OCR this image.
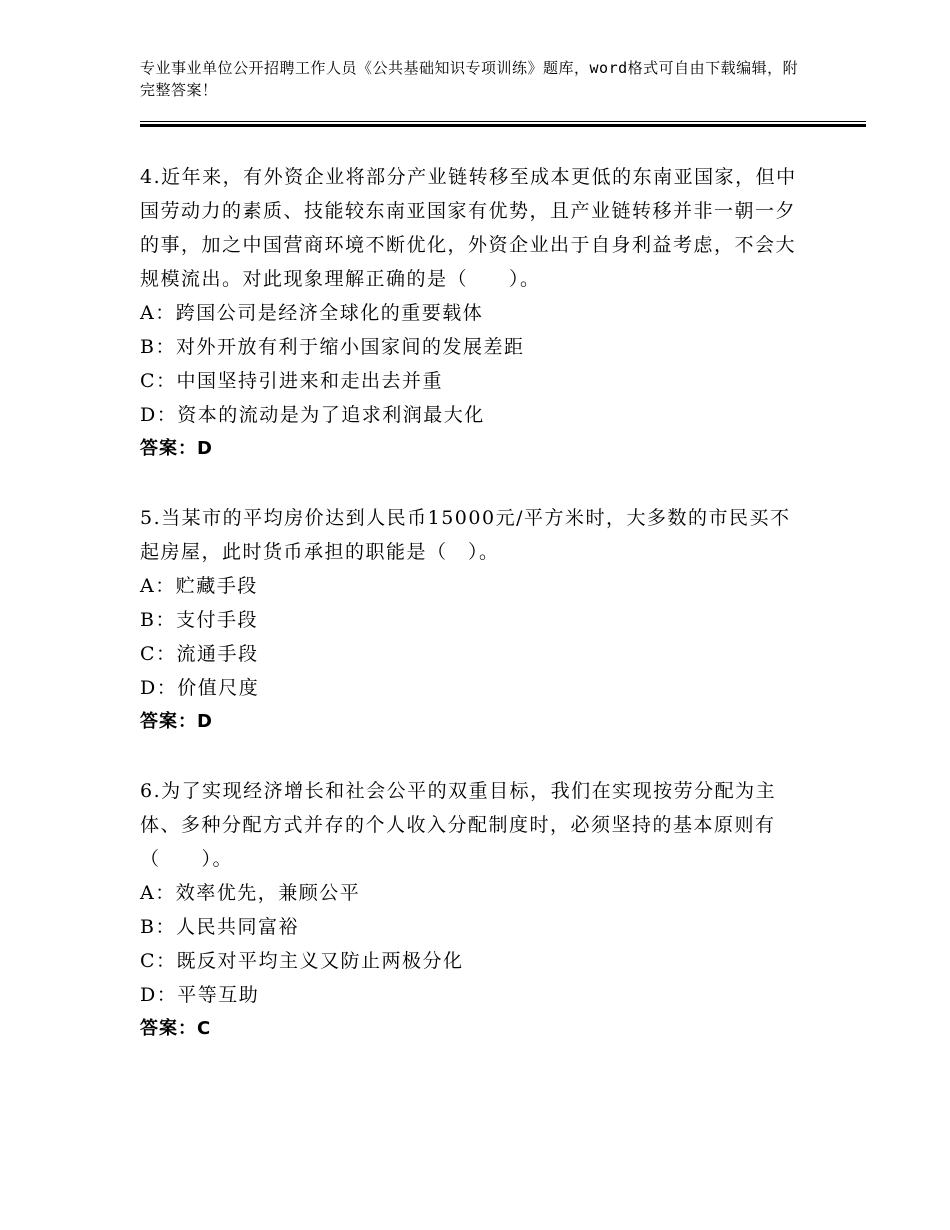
专业事业单位公开招聘工作人员《公共基础知识专项训练》题库，word格式可自由下载编辑，附完整答案！
4.近年来，有外资企业将部分产业链转移至成本更低的东南亚国家，但中国劳动力的素质、技能较东南亚国家有优势，且产业链转移并非一朝一夕的事，加之中国营商环境不断优化，外资企业出于自身利益考虑，不会大规模流出。对此现象理解正确的是（　　）。
A：跨国公司是经济全球化的重要载体
B：对外开放有利于缩小国家间的发展差距
C：中国坚持引进来和走出去并重
D：资本的流动是为了追求利润最大化
答案：D
5.当某市的平均房价达到人民币15000元/平方米时，大多数的市民买不起房屋，此时货币承担的职能是（　）。
A：贮藏手段
B：支付手段
C：流通手段
D：价值尺度
答案：D
6.为了实现经济增长和社会公平的双重目标，我们在实现按劳分配为主体、多种分配方式并存的个人收入分配制度时，必须坚持的基本原则有（　　）。
A：效率优先，兼顾公平
B：人民共同富裕
C：既反对平均主义又防止两极分化
D：平等互助
答案：C
